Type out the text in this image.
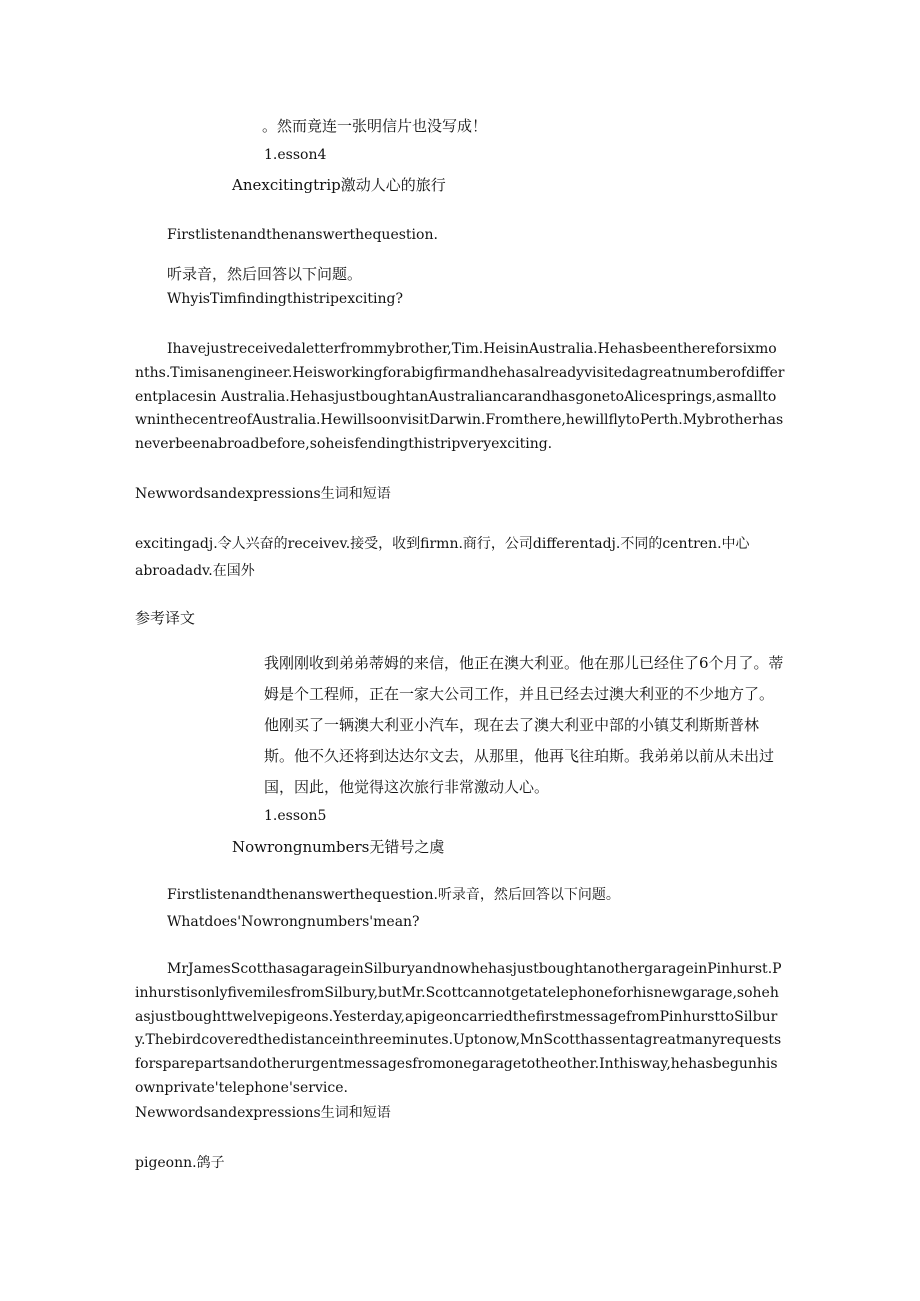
。然而竟连一张明信片也没写成！
1.esson4
Anexcitingtrip激动人心的旅行
Firstlistenandthenanswerthequestion.
听录音，然后回答以下问题。
WhyisTimfindingthistripexciting?
Ihavejustreceivedaletterfrommybrother,Tim.HeisinAustralia.Hehasbeenthereforsixmonths.Timisanengineer.Heisworkingforabigfirmandhehasalreadyvisitedagreatnumberofdifferentplacesin Australia.HehasjustboughtanAustraliancarandhasgonetoAlicesprings,asmalltowninthecentreofAustralia.HewillsoonvisitDarwin.Fromthere,hewillflytoPerth.Mybrotherhasneverbeenabroadbefore,soheisfendingthistripveryexciting.
Newwordsandexpressions生词和短语
excitingadj.令人兴奋的receivev.接受，收到firmn.商行，公司differentadj.不同的centren.中心
abroadadv.在国外
参考译文
我刚刚收到弟弟蒂姆的来信，他正在澳大利亚。他在那儿已经住了6个月了。蒂姆是个工程师，正在一家大公司工作，并且已经去过澳大利亚的不少地方了。他刚买了一辆澳大利亚小汽车，现在去了澳大利亚中部的小镇艾利斯斯普林斯。他不久还将到达达尔文去，从那里，他再飞往珀斯。我弟弟以前从未出过国，因此，他觉得这次旅行非常激动人心。
1.esson5
Nowrongnumbers无错号之虞
Firstlistenandthenanswerthequestion.听录音，然后回答以下问题。
Whatdoes'Nowrongnumbers'mean?
MrJamesScotthasagarageinSilburyandnowhehasjustboughtanothergarageinPinhurst.PinhurstisonlyfivemilesfromSilbury,butMr.Scottcannotgetatelephoneforhisnewgarage,sohehasjustboughttwelvepigeons.Yesterday,apigeoncarriedthefirstmessagefromPinhursttoSilbury.Thebirdcoveredthedistanceinthreeminutes.Uptonow,MnScotthassentagreatmanyrequestsforsparepartsandotherurgentmessagesfromonegaragetotheother.Inthisway,hehasbegunhisownprivate'telephone'service.
Newwordsandexpressions生词和短语
pigeonn.鸽子
